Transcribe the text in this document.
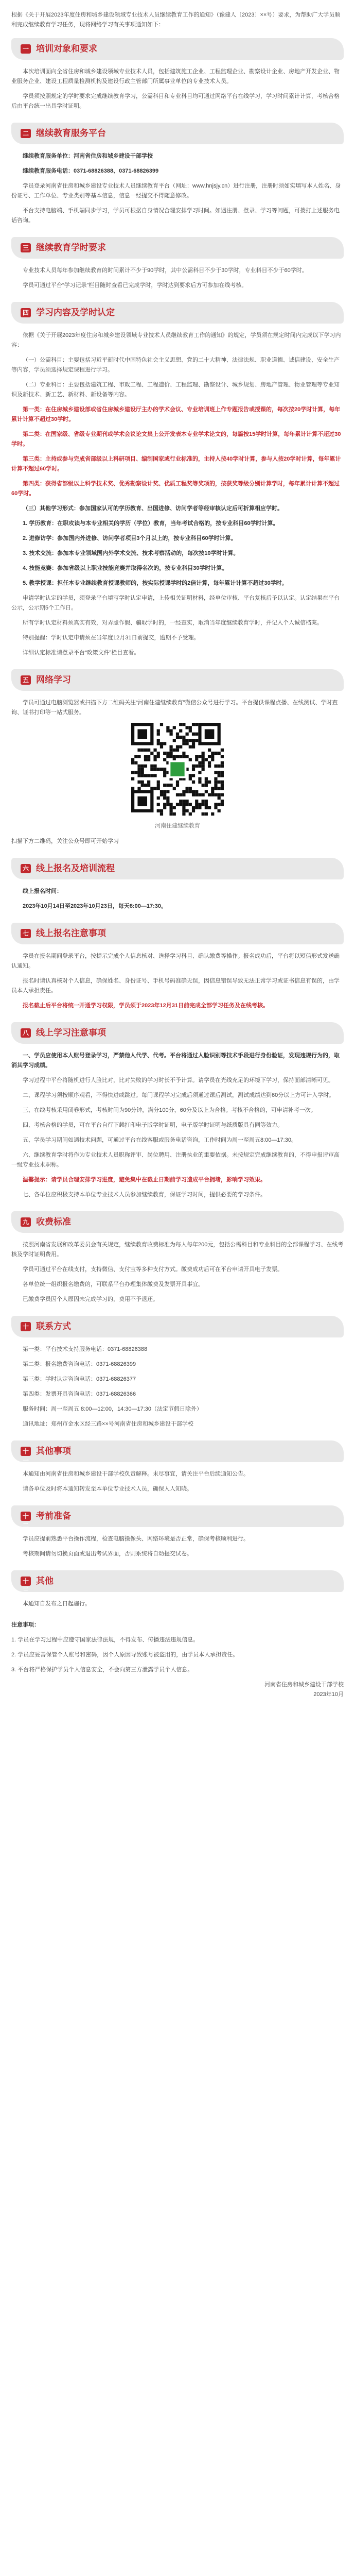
根据《关于开展2023年度住房和城乡建设领域专业技术人员继续教育工作的通知》（豫建人〔2023〕××号）要求，为帮助广大学员顺利完成继续教育学习任务，现将网络学习有关事项通知如下：

一 培训对象和要求

本次培训面向全省住房和城乡建设领域专业技术人员，包括建筑施工企业、工程监理企业、勘察设计企业、房地产开发企业、物业服务企业、建设工程质量检测机构及建设行政主管部门所属事业单位的专业技术人员。

学员须按照规定的学时要求完成继续教育学习，公需科目和专业科目均可通过网络平台在线学习，学习时间累计计算，考核合格后由平台统一出具学时证明。

二 继续教育服务平台

继续教育服务单位：河南省住房和城乡建设干部学校

继续教育服务电话：0371-68826388、0371-68826399

学员登录河南省住房和城乡建设专业技术人员继续教育平台（网址：www.hnjsjy.cn）进行注册，注册时须如实填写本人姓名、身份证号、工作单位、专业类别等基本信息，信息一经提交不得随意修改。

平台支持电脑端、手机端同步学习，学员可根据自身情况合理安排学习时间。如遇注册、登录、学习等问题，可拨打上述服务电话咨询。

三 继续教育学时要求

专业技术人员每年参加继续教育的时间累计不少于90学时，其中公需科目不少于30学时，专业科目不少于60学时。

学员可通过平台“学习记录”栏目随时查看已完成学时，学时达到要求后方可参加在线考核。

四 学习内容及学时认定

依据《关于开展2023年度住房和城乡建设领域专业技术人员继续教育工作的通知》的规定，学员须在规定时间内完成以下学习内容：

（一）公需科目：主要包括习近平新时代中国特色社会主义思想、党的二十大精神、法律法规、职业道德、诚信建设、安全生产等内容，学员须选择规定课程进行学习。

（二）专业科目：主要包括建筑工程、市政工程、工程造价、工程监理、勘察设计、城乡规划、房地产管理、物业管理等专业知识及新技术、新工艺、新材料、新设备等内容。

第一类：在住房城乡建设部或省住房城乡建设厅主办的学术会议、专业培训班上作专题报告或授课的，每次按20学时计算，每年累计计算不超过30学时。

第二类：在国家级、省级专业期刊或学术会议论文集上公开发表本专业学术论文的，每篇按15学时计算，每年累计计算不超过30学时。

第三类：主持或参与完成省部级以上科研项目、编制国家或行业标准的，主持人按40学时计算，参与人按20学时计算，每年累计计算不超过60学时。

第四类：获得省部级以上科学技术奖、优秀勘察设计奖、优质工程奖等奖项的，按获奖等级分别计算学时，每年累计计算不超过60学时。

（三）其他学习形式：参加国家认可的学历教育、出国进修、访问学者等经审核认定后可折算相应学时。

1. 学历教育：在职攻读与本专业相关的学历（学位）教育，当年考试合格的，按专业科目60学时计算。

2. 进修访学：参加国内外进修、访问学者项目3个月以上的，按专业科目60学时计算。

3. 技术交流：参加本专业领域国内外学术交流、技术考察活动的，每次按10学时计算。

4. 技能竞赛：参加省级以上职业技能竞赛并取得名次的，按专业科目30学时计算。

5. 教学授课：担任本专业继续教育授课教师的，按实际授课学时的2倍计算，每年累计计算不超过30学时。

申请学时认定的学员，须登录平台填写学时认定申请，上传相关证明材料，经单位审核、平台复核后予以认定。认定结果在平台公示，公示期5个工作日。

所有学时认定材料须真实有效，对弄虚作假、骗取学时的，一经查实，取消当年度继续教育学时，并记入个人诚信档案。

特别提醒：学时认定申请须在当年度12月31日前提交，逾期不予受理。

详细认定标准请登录平台“政策文件”栏目查看。

五 网络学习

学员可通过电脑浏览器或扫描下方二维码关注“河南住建继续教育”微信公众号进行学习。平台提供课程点播、在线测试、学时查询、证书打印等一站式服务。

河南住建继续教育

扫描下方二维码，关注公众号即可开始学习

六 线上报名及培训流程

线上报名时间：

2023年10月14日至2023年10月23日，每天8:00—17:30。

七 线上报名注意事项

学员在报名期间登录平台，按提示完成个人信息核对、选择学习科目、确认缴费等操作。报名成功后，平台将以短信形式发送确认通知。

报名时请认真核对个人信息，确保姓名、身份证号、手机号码准确无误，因信息错误导致无法正常学习或证书信息有误的，由学员本人承担责任。

报名截止后平台将统一开通学习权限，学员须于2023年12月31日前完成全部学习任务及在线考核。

八 线上学习注意事项

一、学员应使用本人账号登录学习，严禁他人代学、代考。平台将通过人脸识别等技术手段进行身份验证，发现违规行为的，取消其学习成绩。

学习过程中平台将随机进行人脸比对，比对失败的学习时长不予计算。请学员在光线充足的环境下学习，保持面部清晰可见。

二、课程学习须按顺序观看，不得快进或跳过。每门课程学习完成后须通过课后测试，测试成绩达到60分以上方可计入学时。

三、在线考核采用闭卷形式，考核时间为90分钟，满分100分，60分及以上为合格。考核不合格的，可申请补考一次。

四、考核合格的学员，可在平台自行下载打印电子版学时证明，电子版学时证明与纸质版具有同等效力。

五、学员学习期间如遇技术问题，可通过平台在线客服或服务电话咨询，工作时间为周一至周五8:00—17:30。

六、继续教育学时将作为专业技术人员职称评审、岗位聘用、注册执业的重要依据。未按规定完成继续教育的，不得申报评审高一级专业技术职称。

温馨提示：请学员合理安排学习进度，避免集中在截止日期前学习造成平台拥堵，影响学习效果。

七、各单位应积极支持本单位专业技术人员参加继续教育，保证学习时间，提供必要的学习条件。

九 收费标准

按照河南省发展和改革委员会有关规定，继续教育收费标准为每人每年200元，包括公需科目和专业科目的全部课程学习、在线考核及学时证明费用。

学员可通过平台在线支付，支持微信、支付宝等多种支付方式。缴费成功后可在平台申请开具电子发票。

各单位统一组织报名缴费的，可联系平台办理集体缴费及发票开具事宜。

已缴费学员因个人原因未完成学习的，费用不予退还。

十 联系方式

第一类：平台技术支持服务电话：0371-68826388

第二类：报名缴费咨询电话：0371-68826399

第三类：学时认定咨询电话：0371-68826377

第四类：发票开具咨询电话：0371-68826366

服务时间：周一至周五 8:00—12:00，14:30—17:30（法定节假日除外）

通讯地址：郑州市金水区经三路××号河南省住房和城乡建设干部学校

十一
其他事项

本通知由河南省住房和城乡建设干部学校负责解释。未尽事宜，请关注平台后续通知公告。

请各单位及时将本通知转发至本单位专业技术人员，确保人人知晓。

十二
考前准备

学员应提前熟悉平台操作流程，检查电脑摄像头、网络环境是否正常，确保考核顺利进行。

考核期间请勿切换页面或退出考试界面，否则系统将自动提交试卷。

十三
其他

本通知自发布之日起施行。

注意事项：

1. 学员在学习过程中应遵守国家法律法规，不得发布、传播违法违规信息。

2. 学员应妥善保管个人账号和密码，因个人原因导致账号被盗用的，由学员本人承担责任。

3. 平台将严格保护学员个人信息安全，不会向第三方泄露学员个人信息。

河南省住房和城乡建设干部学校
2023年10月
